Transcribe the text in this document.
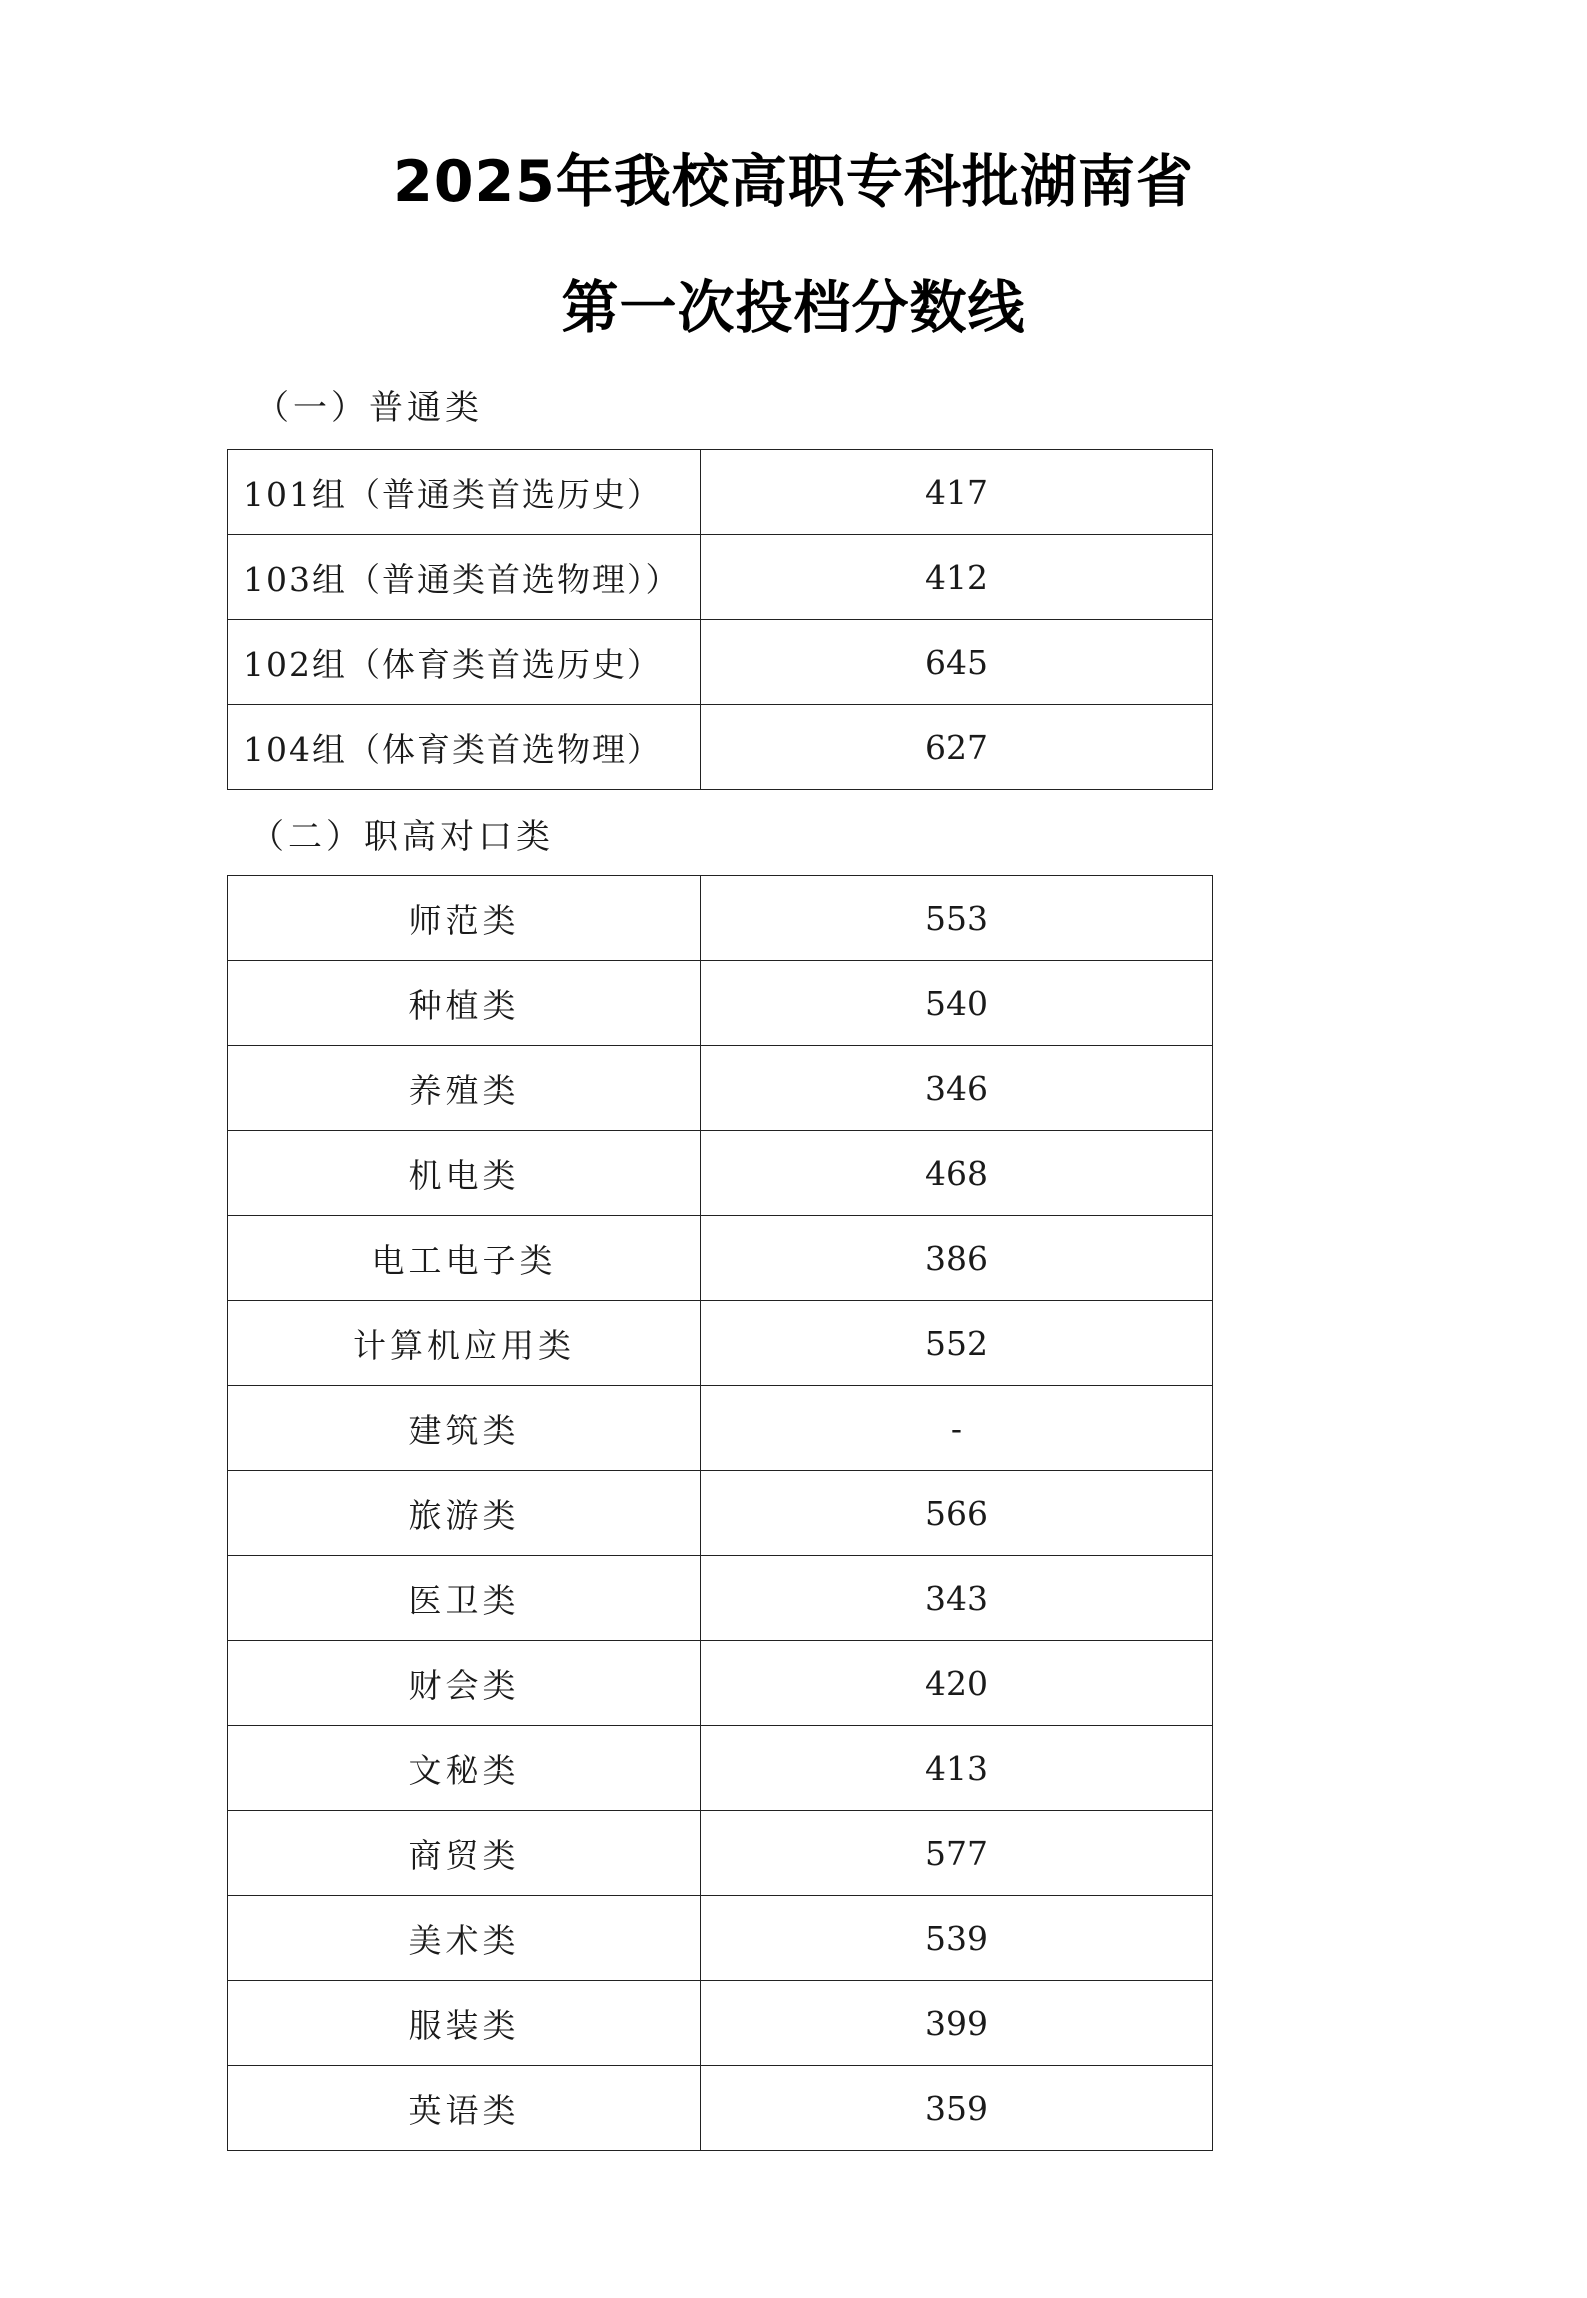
2025年我校高职专科批湖南省
第一次投档分数线
（一）普通类
101组（普通类首选历史）	417
103组（普通类首选物理））	412
102组（体育类首选历史）	645
104组（体育类首选物理）	627
（二）职高对口类
师范类	553
种植类	540
养殖类	346
机电类	468
电工电子类	386
计算机应用类	552
建筑类	-
旅游类	566
医卫类	343
财会类	420
文秘类	413
商贸类	577
美术类	539
服装类	399
英语类	359
